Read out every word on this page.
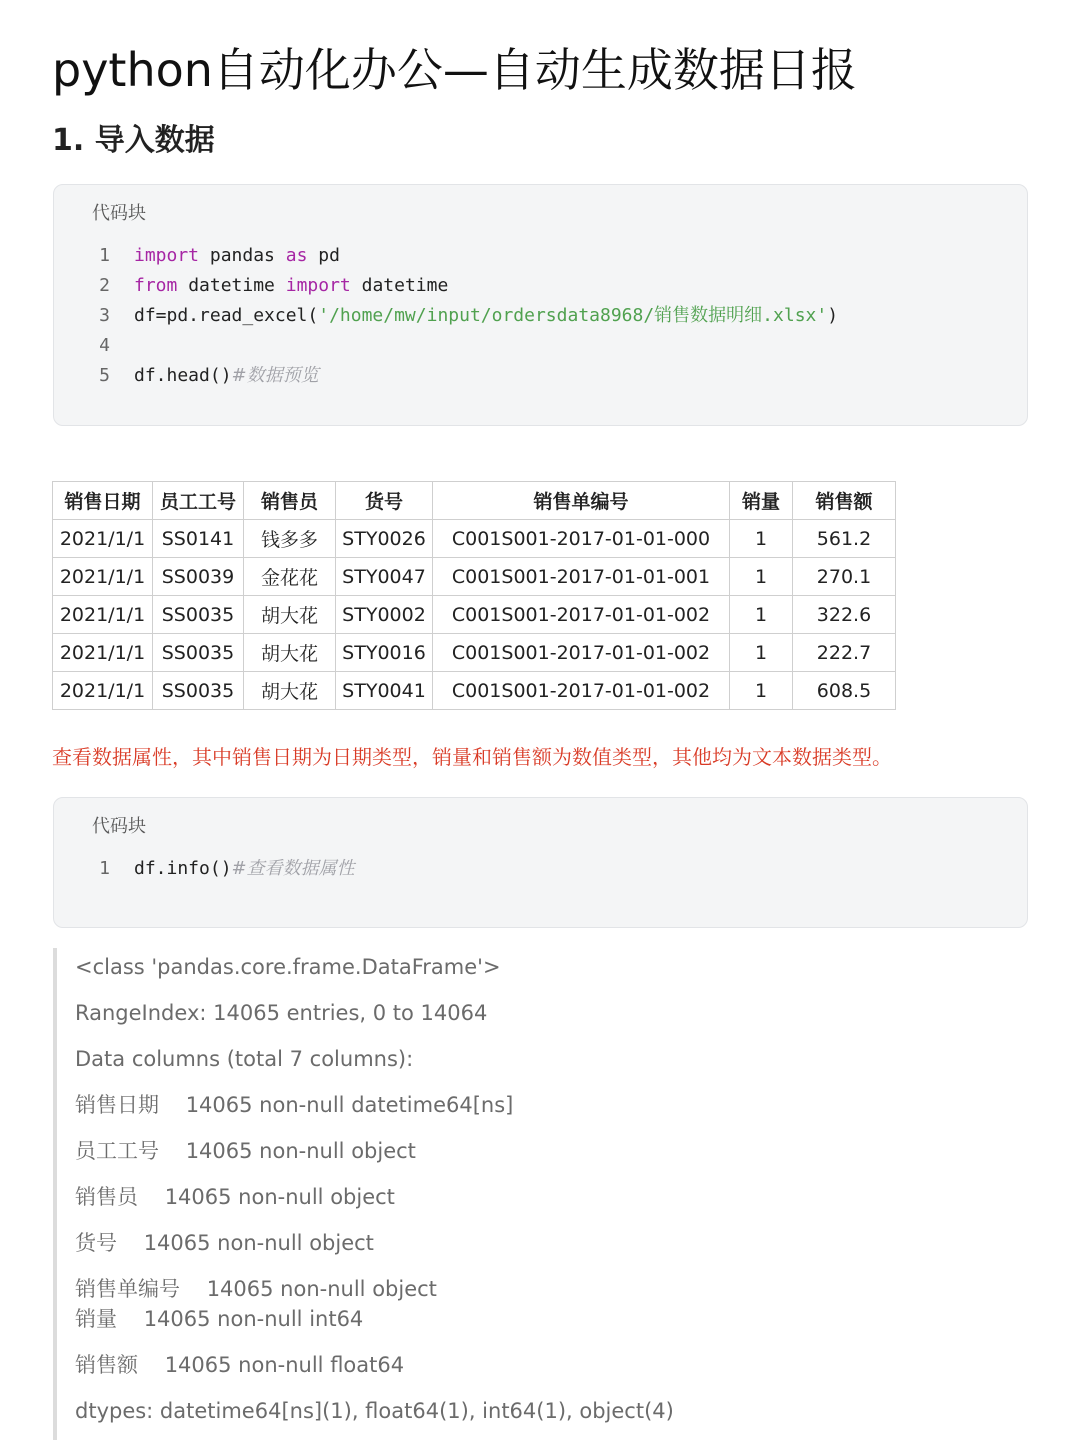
python自动化办公—自动生成数据日报
1. 导入数据
代码块
1	import pandas as pd
2	from datetime import datetime
3	df=pd.read_excel( '/home/mw/input/ordersdata8968/销售数据明细.xlsx' )
4
5	df.head() #数据预览
销售日期	员工工号	销售员	货号	销售单编号	销量	销售额
2021/1/1	SS0141	钱多多	STY0026	C001S001-2017-01-01-000	1	561.2
2021/1/1	SS0039	金花花	STY0047	C001S001-2017-01-01-001	1	270.1
2021/1/1	SS0035	胡大花	STY0002	C001S001-2017-01-01-002	1	322.6
2021/1/1	SS0035	胡大花	STY0016	C001S001-2017-01-01-002	1	222.7
2021/1/1	SS0035	胡大花	STY0041	C001S001-2017-01-01-002	1	608.5

查看数据属性，其中销售日期为日期类型，销量和销售额为数值类型，其他均为文本数据类型。

代码块
1	df.info() #查看数据属性
<class 'pandas.core.frame.DataFrame'>
RangeIndex: 14065 entries, 0 to 14064
Data columns (total 7 columns):
销售日期    14065 non-null datetime64[ns]
员工工号    14065 non-null object
销售员    14065 non-null object
货号    14065 non-null object
销售单编号    14065 non-null object
销量    14065 non-null int64
销售额    14065 non-null float64
dtypes: datetime64[ns](1), float64(1), int64(1), object(4)
